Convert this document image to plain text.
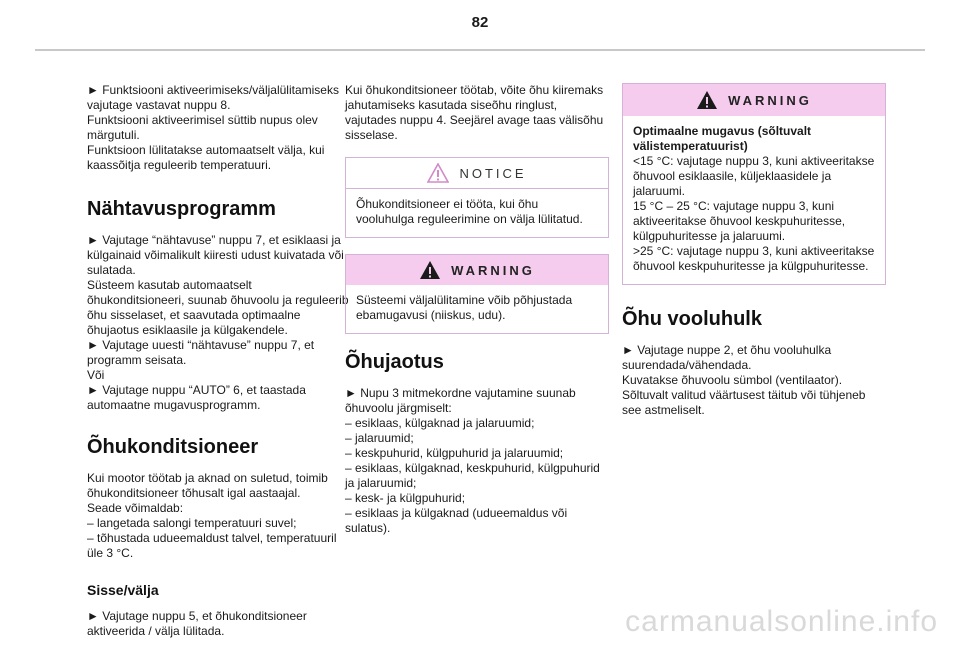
82

► Funktsiooni aktiveerimiseks/väljalülitamiseks vajutage vastavat nuppu 8.
Funktsiooni aktiveerimisel süttib nupus olev märgutuli.
Funktsioon lülitatakse automaatselt välja, kui kaassõitja reguleerib temperatuuri.

Nähtavusprogramm

► Vajutage “nähtavuse” nuppu 7, et esiklaasi ja külgainaid võimalikult kiiresti udust kuivatada või sulatada.
Süsteem kasutab automaatselt õhukonditsioneeri, suunab õhuvoolu ja reguleerib õhu sisselaset, et saavutada optimaalne õhujaotus esiklaasile ja külgakendele.
► Vajutage uuesti “nähtavuse” nuppu 7, et programm seisata.
Või
► Vajutage nuppu “AUTO” 6, et taastada automaatne mugavusprogramm.

Õhukonditsioneer

Kui mootor töötab ja aknad on suletud, toimib õhukonditsioneer tõhusalt igal aastaajal.
Seade võimaldab:
– langetada salongi temperatuuri suvel;
– tõhustada udueemaldust talvel, temperatuuril üle 3 °C.

Sisse/välja

► Vajutage nuppu 5, et õhukonditsioneer aktiveerida / välja lülitada.

Kui õhukonditsioneer töötab, võite õhu kiiremaks jahutamiseks kasutada siseõhu ringlust, vajutades nuppu 4. Seejärel avage taas välisõhu sisselase.

NOTICE
Õhukonditsioneer ei tööta, kui õhu vooluhulga reguleerimine on välja lülitatud.
WARNING
Süsteemi väljalülitamine võib põhjustada ebamugavusi (niiskus, udu).
Õhujaotus

► Nupu 3 mitmekordne vajutamine suunab õhuvoolu järgmiselt:
– esiklaas, külgaknad ja jalaruumid;
– jalaruumid;
– keskpuhurid, külgpuhurid ja jalaruumid;
– esiklaas, külgaknad, keskpuhurid, külgpuhurid ja jalaruumid;
– kesk- ja külgpuhurid;
– esiklaas ja külgaknad (udueemaldus või sulatus).

WARNING
Optimaalne mugavus (sõltuvalt välistemperatuurist)
<15 °C: vajutage nuppu 3, kuni aktiveeritakse õhuvool esiklaasile, küljeklaasidele ja jalaruumi.
15 °C – 25 °C: vajutage nuppu 3, kuni aktiveeritakse õhuvool keskpuhuritesse, külgpuhuritesse ja jalaruumi.
>25 °C: vajutage nuppu 3, kuni aktiveeritakse õhuvool keskpuhuritesse ja külgpuhuritesse.
Õhu vooluhulk

► Vajutage nuppe 2, et õhu vooluhulka suurendada/vähendada.
Kuvatakse õhuvoolu sümbol (ventilaator).
Sõltuvalt valitud väärtusest täitub või tühjeneb see astmeliselt.

carmanualsonline.info
